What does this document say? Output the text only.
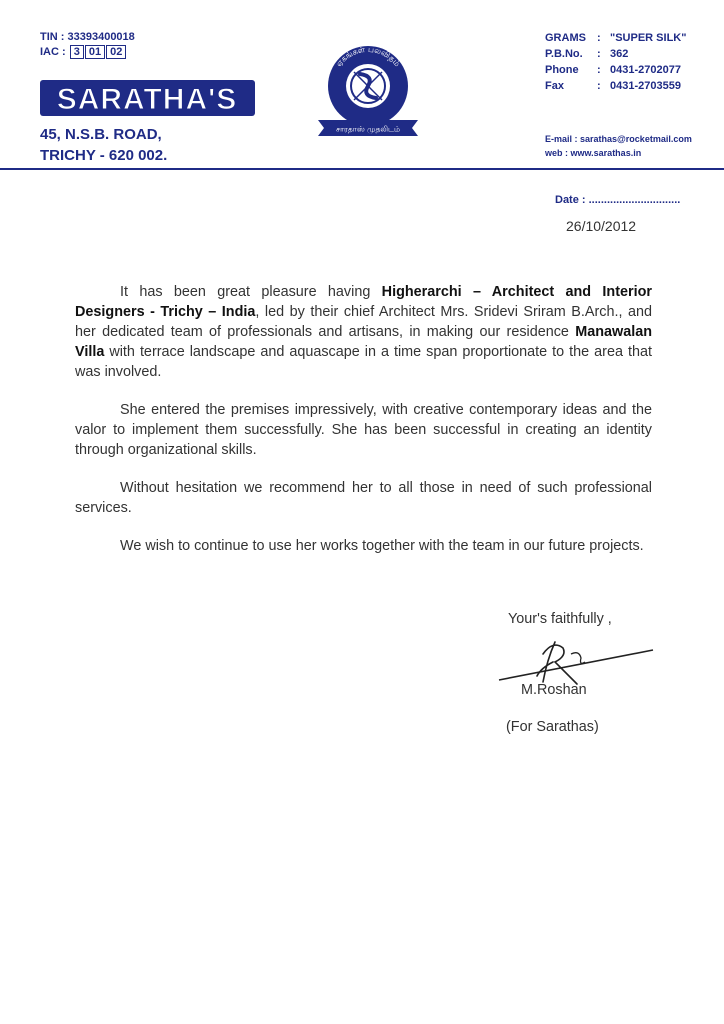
TIN : 33393400018
IAC : 3 01 02
SARATHA'S
45, N.S.B. ROAD,
TRICHY - 620 002.
ஏகங்கள் பலவிதம்
சாரதாஸ் முதலிடம்
GRAMS	: "SUPER SILK"
P.B.No.	: 362
Phone	: 0431-2702077
Fax	: 0431-2703559
E-mail : sarathas@rocketmail.com
web : www.sarathas.in
Date : ..............................
26/10/2012

It has been great pleasure having Higherarchi – Architect and Interior Designers - Trichy – India, led by their chief Architect Mrs. Sridevi Sriram B.Arch., and her dedicated team of professionals and artisans, in making our residence Manawalan Villa with terrace landscape and aquascape in a time span proportionate to the area that was involved.

She entered the premises impressively, with creative contemporary ideas and the valor to implement them successfully. She has been successful in creating an identity through organizational skills.

Without hesitation we recommend her to all those in need of such professional services.

We wish to continue to use her works together with the team in our future projects.

Your's faithfully ,
M.Roshan
(For Sarathas)
